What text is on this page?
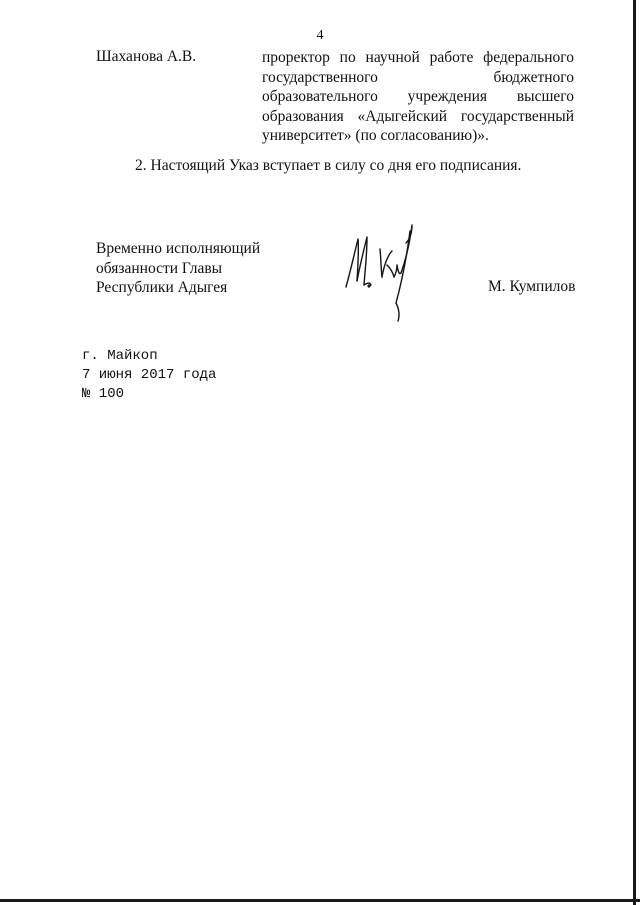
4
Шаханова А.В.	проректор по научной работе федерального
государственного бюджетного
образовательного учреждения высшего
образования «Адыгейский государственный
университет» (по согласованию)».
2. Настоящий Указ вступает в силу со дня его подписания.
Временно исполняющий
обязанности Главы
Республики Адыгея	М. Кумпилов
г. Майкоп
7 июня 2017 года
№ 100
